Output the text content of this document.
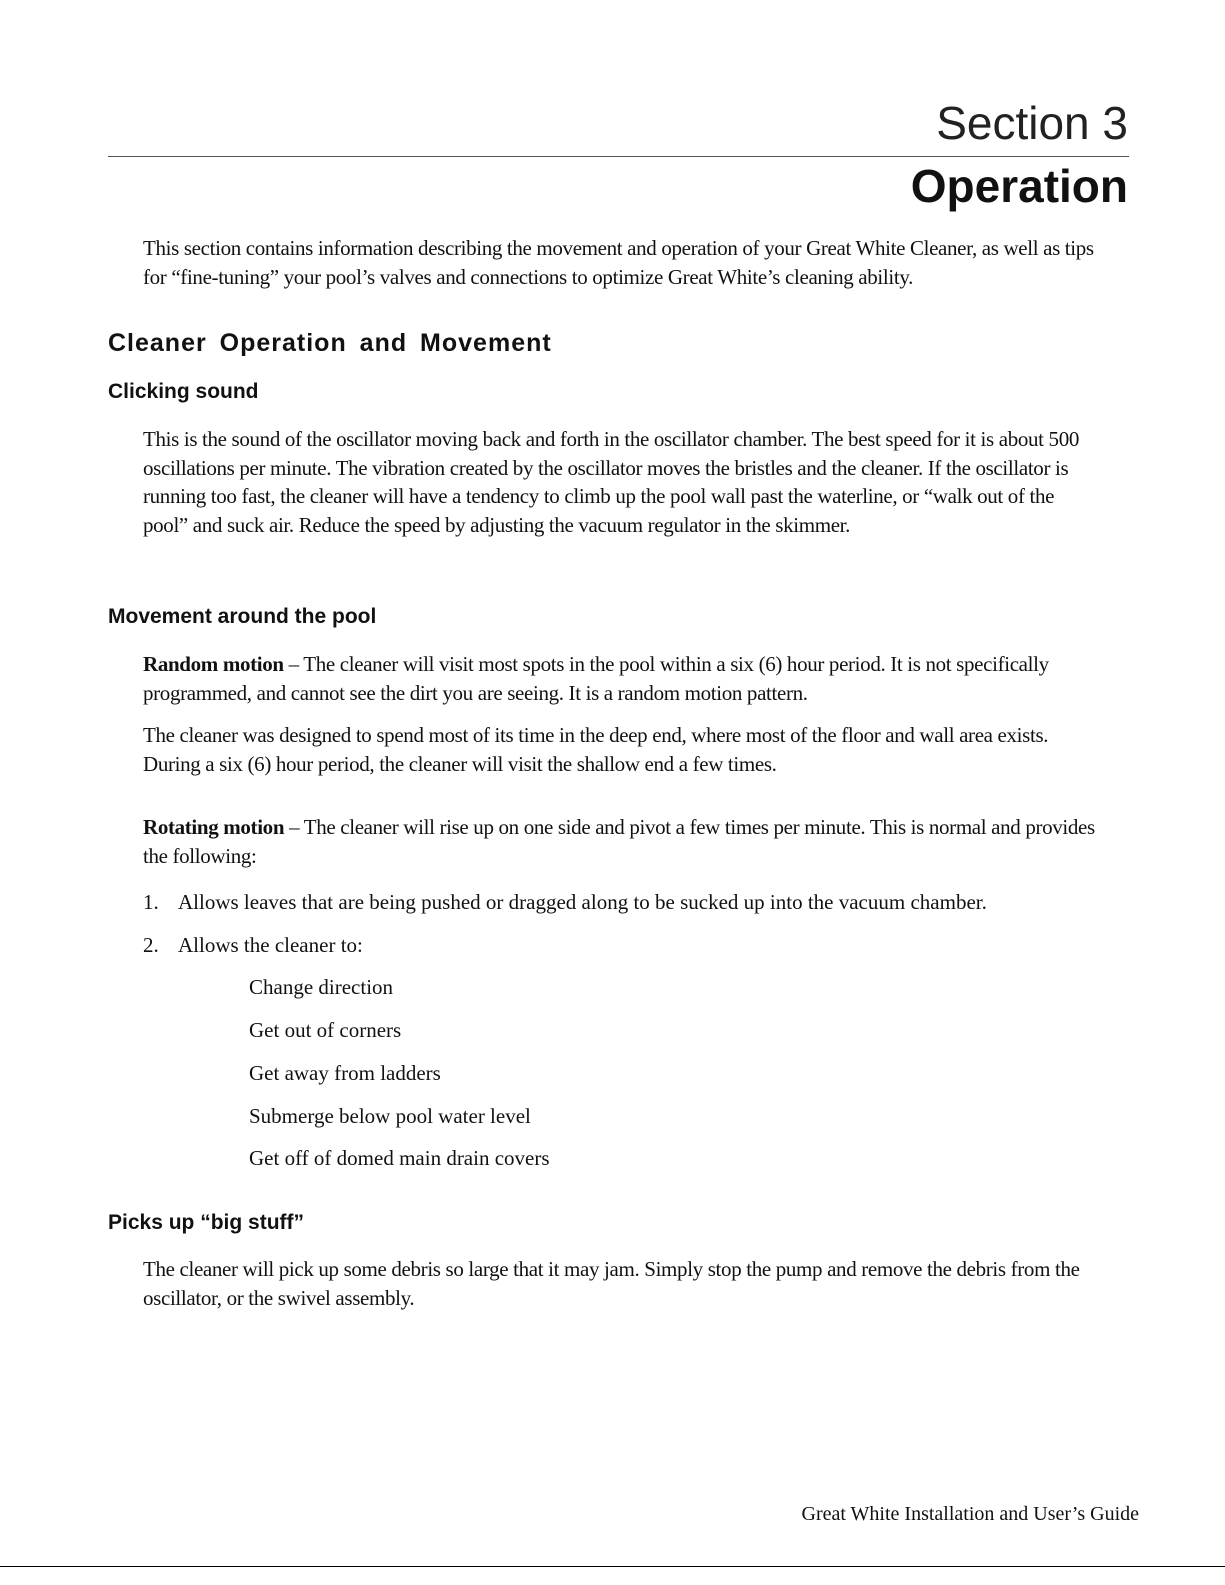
Section 3
Operation

This section contains information describing the movement and operation of your Great White Cleaner, as well as tips for “fine-tuning” your pool’s valves and connections to optimize Great White’s cleaning ability.

Cleaner Operation and Movement
Clicking sound

This is the sound of the oscillator moving back and forth in the oscillator chamber. The best speed for it is about 500 oscillations per minute. The vibration created by the oscillator moves the bristles and the cleaner. If the oscillator is running too fast, the cleaner will have a tendency to climb up the pool wall past the waterline, or “walk out of the pool” and suck air. Reduce the speed by adjusting the vacuum regulator in the skimmer.

Movement around the pool

Random motion – The cleaner will visit most spots in the pool within a six (6) hour period. It is not specifically programmed, and cannot see the dirt you are seeing. It is a random motion pattern.

The cleaner was designed to spend most of its time in the deep end, where most of the floor and wall area exists. During a six (6) hour period, the cleaner will visit the shallow end a few times.

Rotating motion – The cleaner will rise up on one side and pivot a few times per minute. This is normal and provides the following:

1. Allows leaves that are being pushed or dragged along to be sucked up into the vacuum chamber.
2. Allows the cleaner to:
Change direction
Get out of corners
Get away from ladders
Submerge below pool water level
Get off of domed main drain covers
Picks up “big stuff”

The cleaner will pick up some debris so large that it may jam. Simply stop the pump and remove the debris from the oscillator, or the swivel assembly.

Great White Installation and User’s Guide
